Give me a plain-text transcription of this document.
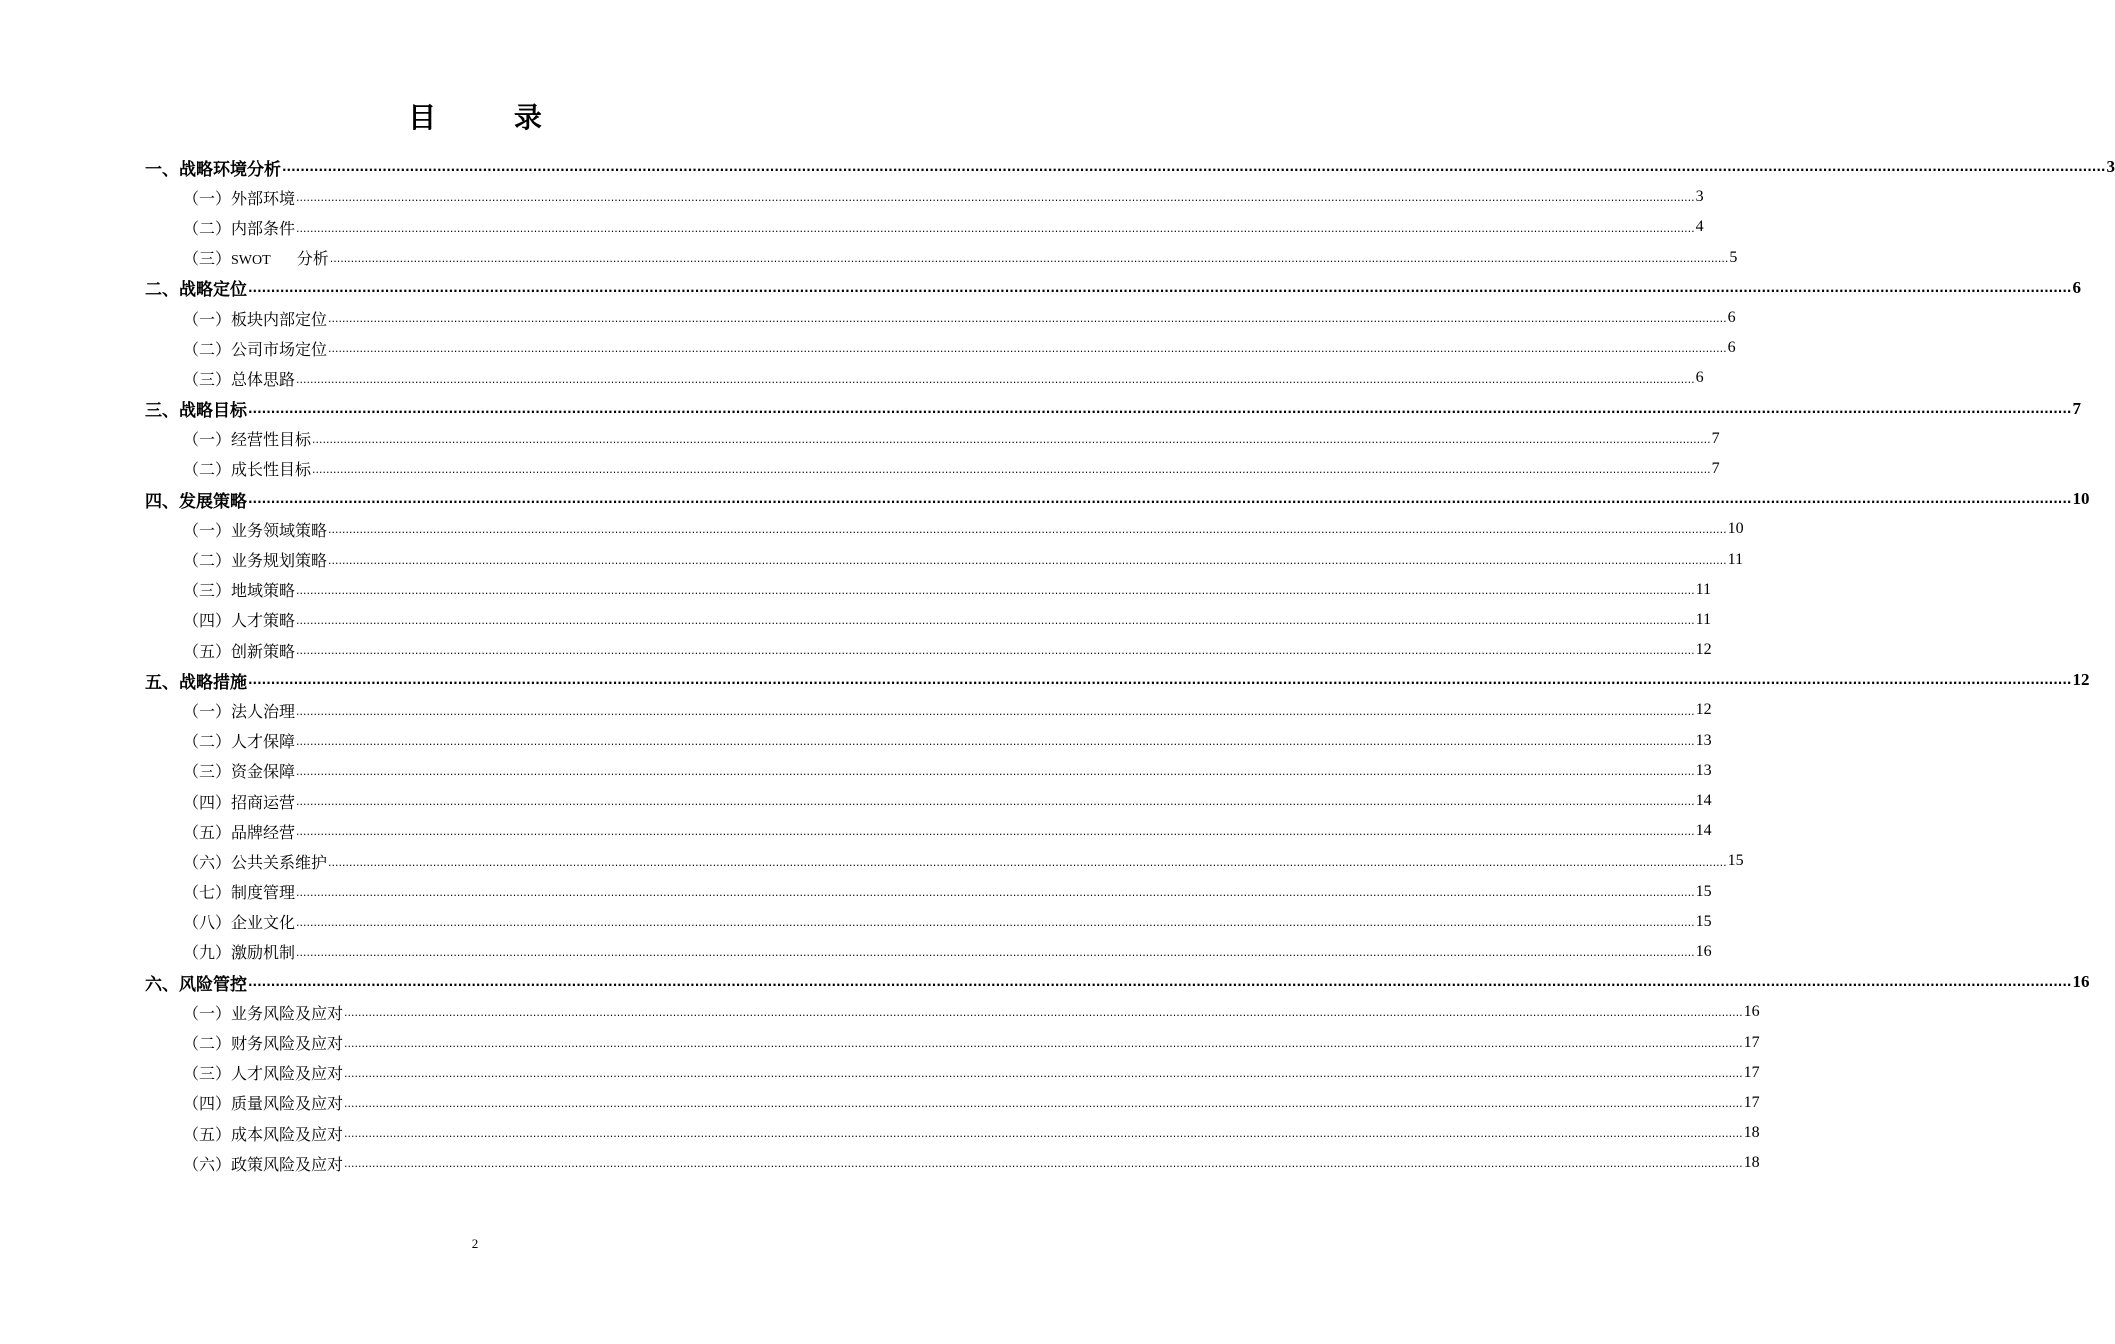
目 录
一、战略环境分析 ................................................................................................................................................................................................................................................................................................................................................................................................................ 3
（一）外部环境 ................................................................................................................................................................................................................................................................................................................................................................................................................ 3
（二）内部条件 ................................................................................................................................................................................................................................................................................................................................................................................................................ 4
（三）SWOT 分析 ................................................................................................................................................................................................................................................................................................................................................................................................................ 5
二、战略定位 ................................................................................................................................................................................................................................................................................................................................................................................................................ 6
（一）板块内部定位 ................................................................................................................................................................................................................................................................................................................................................................................................................ 6
（二）公司市场定位 ................................................................................................................................................................................................................................................................................................................................................................................................................ 6
（三）总体思路 ................................................................................................................................................................................................................................................................................................................................................................................................................ 6
三、战略目标 ................................................................................................................................................................................................................................................................................................................................................................................................................ 7
（一）经营性目标 ................................................................................................................................................................................................................................................................................................................................................................................................................ 7
（二）成长性目标 ................................................................................................................................................................................................................................................................................................................................................................................................................ 7
四、发展策略 ................................................................................................................................................................................................................................................................................................................................................................................................................ 10
（一）业务领域策略 ................................................................................................................................................................................................................................................................................................................................................................................................................ 10
（二）业务规划策略 ................................................................................................................................................................................................................................................................................................................................................................................................................ 11
（三）地域策略 ................................................................................................................................................................................................................................................................................................................................................................................................................ 11
（四）人才策略 ................................................................................................................................................................................................................................................................................................................................................................................................................ 11
（五）创新策略 ................................................................................................................................................................................................................................................................................................................................................................................................................ 12
五、战略措施 ................................................................................................................................................................................................................................................................................................................................................................................................................ 12
（一）法人治理 ................................................................................................................................................................................................................................................................................................................................................................................................................ 12
（二）人才保障 ................................................................................................................................................................................................................................................................................................................................................................................................................ 13
（三）资金保障 ................................................................................................................................................................................................................................................................................................................................................................................................................ 13
（四）招商运营 ................................................................................................................................................................................................................................................................................................................................................................................................................ 14
（五）品牌经营 ................................................................................................................................................................................................................................................................................................................................................................................................................ 14
（六）公共关系维护 ................................................................................................................................................................................................................................................................................................................................................................................................................ 15
（七）制度管理 ................................................................................................................................................................................................................................................................................................................................................................................................................ 15
（八）企业文化 ................................................................................................................................................................................................................................................................................................................................................................................................................ 15
（九）激励机制 ................................................................................................................................................................................................................................................................................................................................................................................................................ 16
六、风险管控 ................................................................................................................................................................................................................................................................................................................................................................................................................ 16
（一）业务风险及应对 ................................................................................................................................................................................................................................................................................................................................................................................................................ 16
（二）财务风险及应对 ................................................................................................................................................................................................................................................................................................................................................................................................................ 17
（三）人才风险及应对 ................................................................................................................................................................................................................................................................................................................................................................................................................ 17
（四）质量风险及应对 ................................................................................................................................................................................................................................................................................................................................................................................................................ 17
（五）成本风险及应对 ................................................................................................................................................................................................................................................................................................................................................................................................................ 18
（六）政策风险及应对 ................................................................................................................................................................................................................................................................................................................................................................................................................ 18
2
